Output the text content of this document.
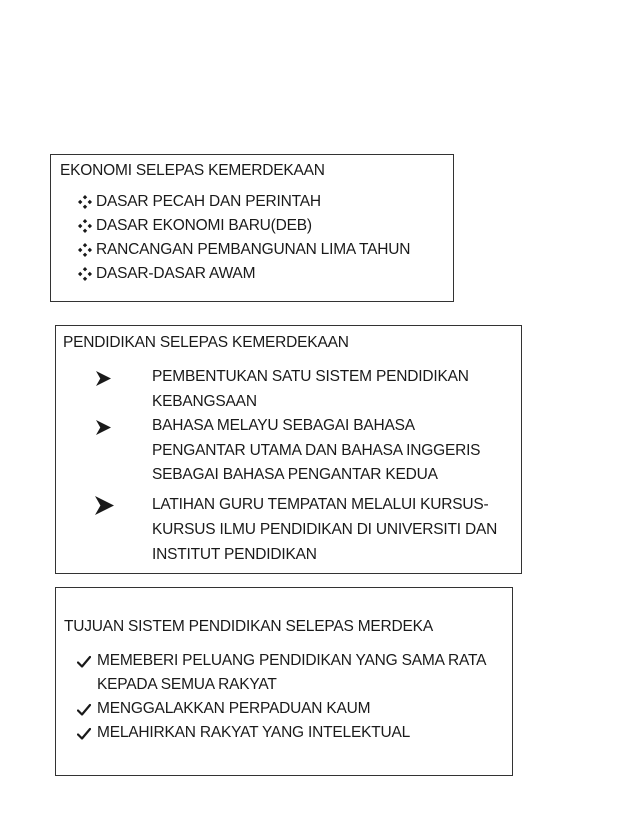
EKONOMI SELEPAS KEMERDEKAAN
DASAR PECAH DAN PERINTAH
DASAR EKONOMI BARU(DEB)
RANCANGAN PEMBANGUNAN LIMA TAHUN
DASAR-DASAR AWAM
PENDIDIKAN SELEPAS KEMERDEKAAN
PEMBENTUKAN SATU SISTEM PENDIDIKAN
KEBANGSAAN
BAHASA MELAYU SEBAGAI BAHASA
PENGANTAR UTAMA DAN BAHASA INGGERIS
SEBAGAI BAHASA PENGANTAR KEDUA
LATIHAN GURU TEMPATAN MELALUI KURSUS-
KURSUS ILMU PENDIDIKAN DI UNIVERSITI DAN
INSTITUT PENDIDIKAN
TUJUAN SISTEM PENDIDIKAN SELEPAS MERDEKA
MEMEBERI PELUANG PENDIDIKAN YANG SAMA RATA
KEPADA SEMUA RAKYAT
MENGGALAKKAN PERPADUAN KAUM
MELAHIRKAN RAKYAT YANG INTELEKTUAL
